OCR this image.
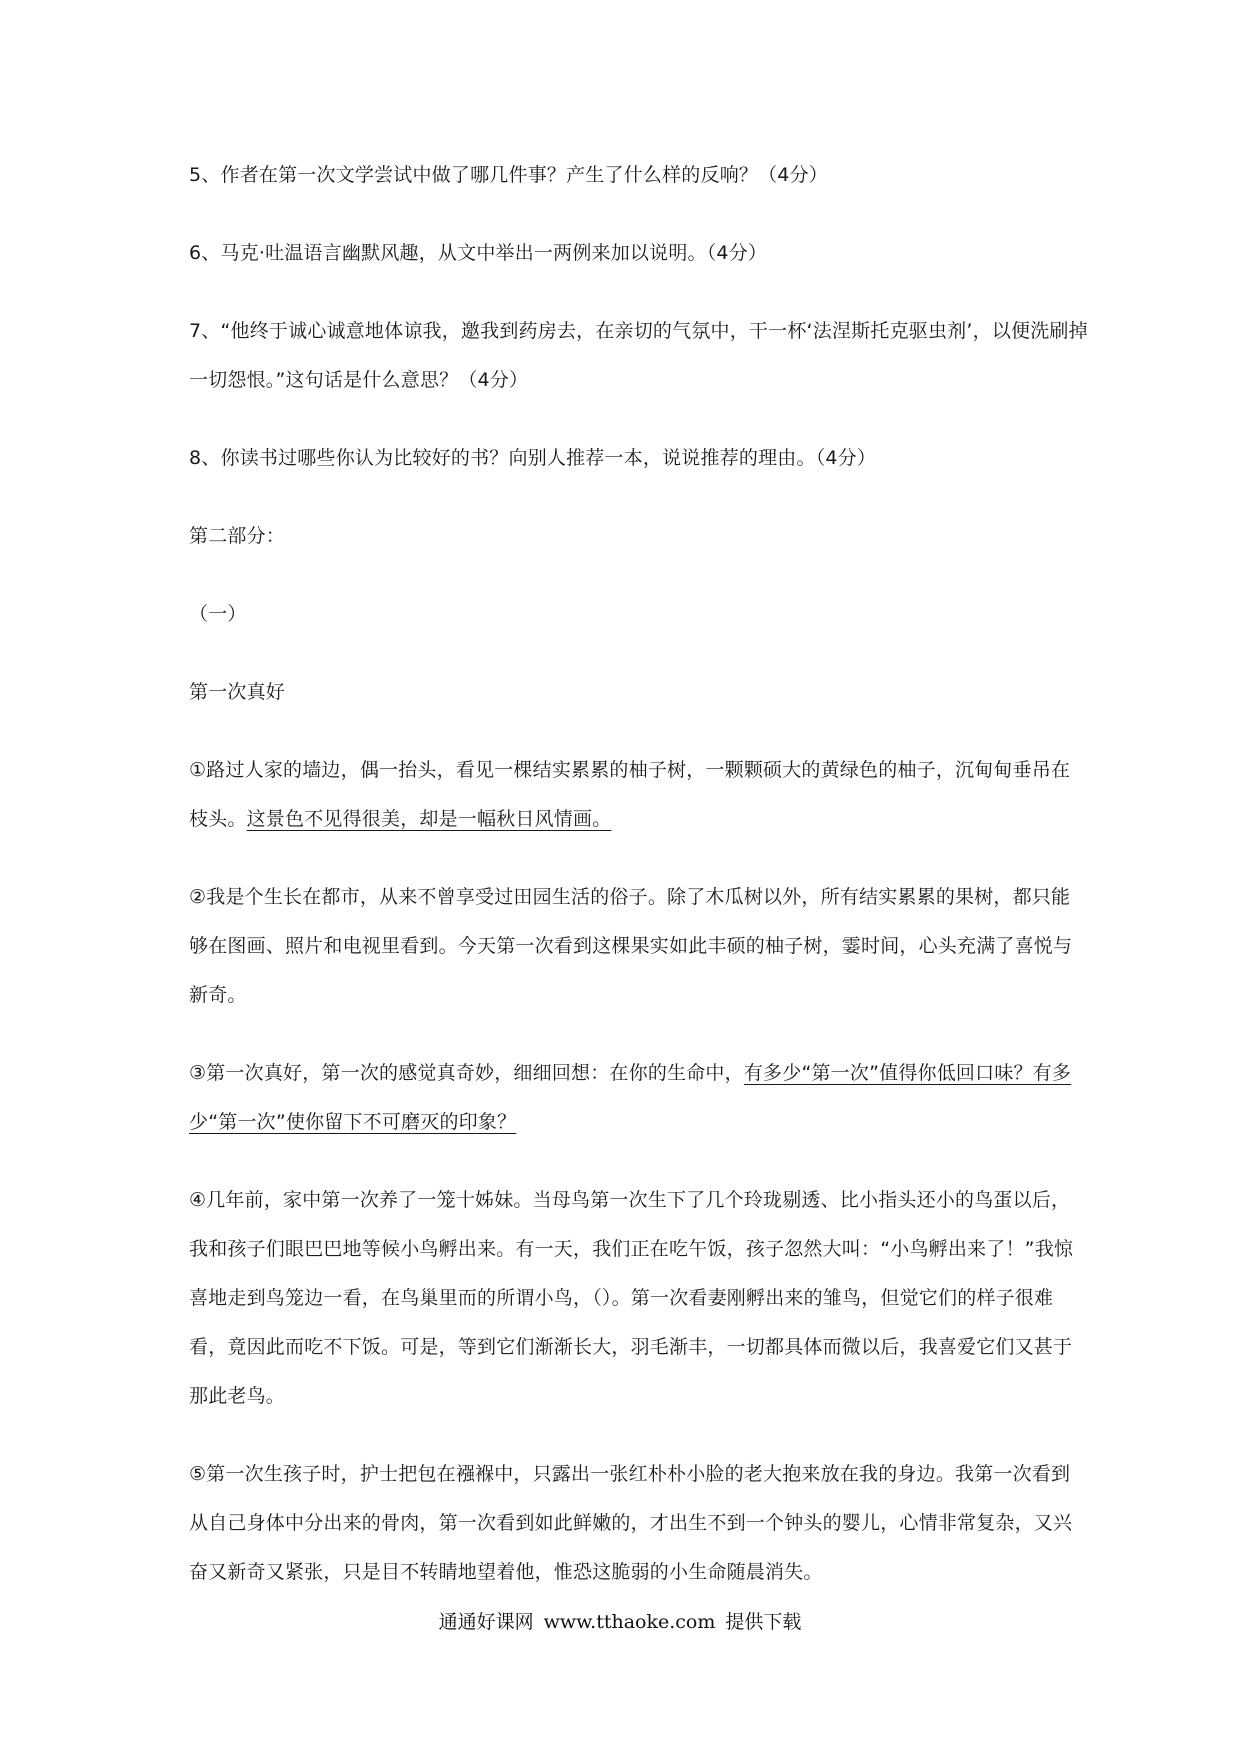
5、作者在第一次文学尝试中做了哪几件事？产生了什么样的反响？（4分）
6、马克·吐温语言幽默风趣，从文中举出一两例来加以说明。（4分）
7、“他终于诚心诚意地体谅我，邀我到药房去，在亲切的气氛中，干一杯‘法涅斯托克驱虫剂’，以便洗刷掉
一切怨恨。”这句话是什么意思？（4分）
8、你读书过哪些你认为比较好的书？向别人推荐一本，说说推荐的理由。（4分）
第二部分：
（一）
第一次真好
①路过人家的墙边，偶一抬头，看见一棵结实累累的柚子树，一颗颗硕大的黄绿色的柚子，沉甸甸垂吊在
枝头。这景色不见得很美，却是一幅秋日风情画。
②我是个生长在都市，从来不曾享受过田园生活的俗子。除了木瓜树以外，所有结实累累的果树，都只能
够在图画、照片和电视里看到。今天第一次看到这棵果实如此丰硕的柚子树，霎时间，心头充满了喜悦与
新奇。
③第一次真好，第一次的感觉真奇妙，细细回想：在你的生命中，有多少“第一次”值得你低回口味？有多
少“第一次”使你留下不可磨灭的印象？
④几年前，家中第一次养了一笼十姊妹。当母鸟第一次生下了几个玲珑剔透、比小指头还小的鸟蛋以后，
我和孩子们眼巴巴地等候小鸟孵出来。有一天，我们正在吃午饭，孩子忽然大叫：“小鸟孵出来了！”我惊
喜地走到鸟笼边一看，在鸟巢里而的所谓小鸟，（）。第一次看妻刚孵出来的雏鸟，但觉它们的样子很难
看，竟因此而吃不下饭。可是，等到它们渐渐长大，羽毛渐丰，一切都具体而微以后，我喜爱它们又甚于
那此老鸟。
⑤第一次生孩子时，护士把包在襁褓中，只露出一张红朴朴小脸的老大抱来放在我的身边。我第一次看到
从自己身体中分出来的骨肉，第一次看到如此鲜嫩的，才出生不到一个钟头的婴儿，心情非常复杂，又兴
奋又新奇又紧张，只是目不转睛地望着他，惟恐这脆弱的小生命随晨消失。
通通好课网 www.tthaoke.com 提供下载
